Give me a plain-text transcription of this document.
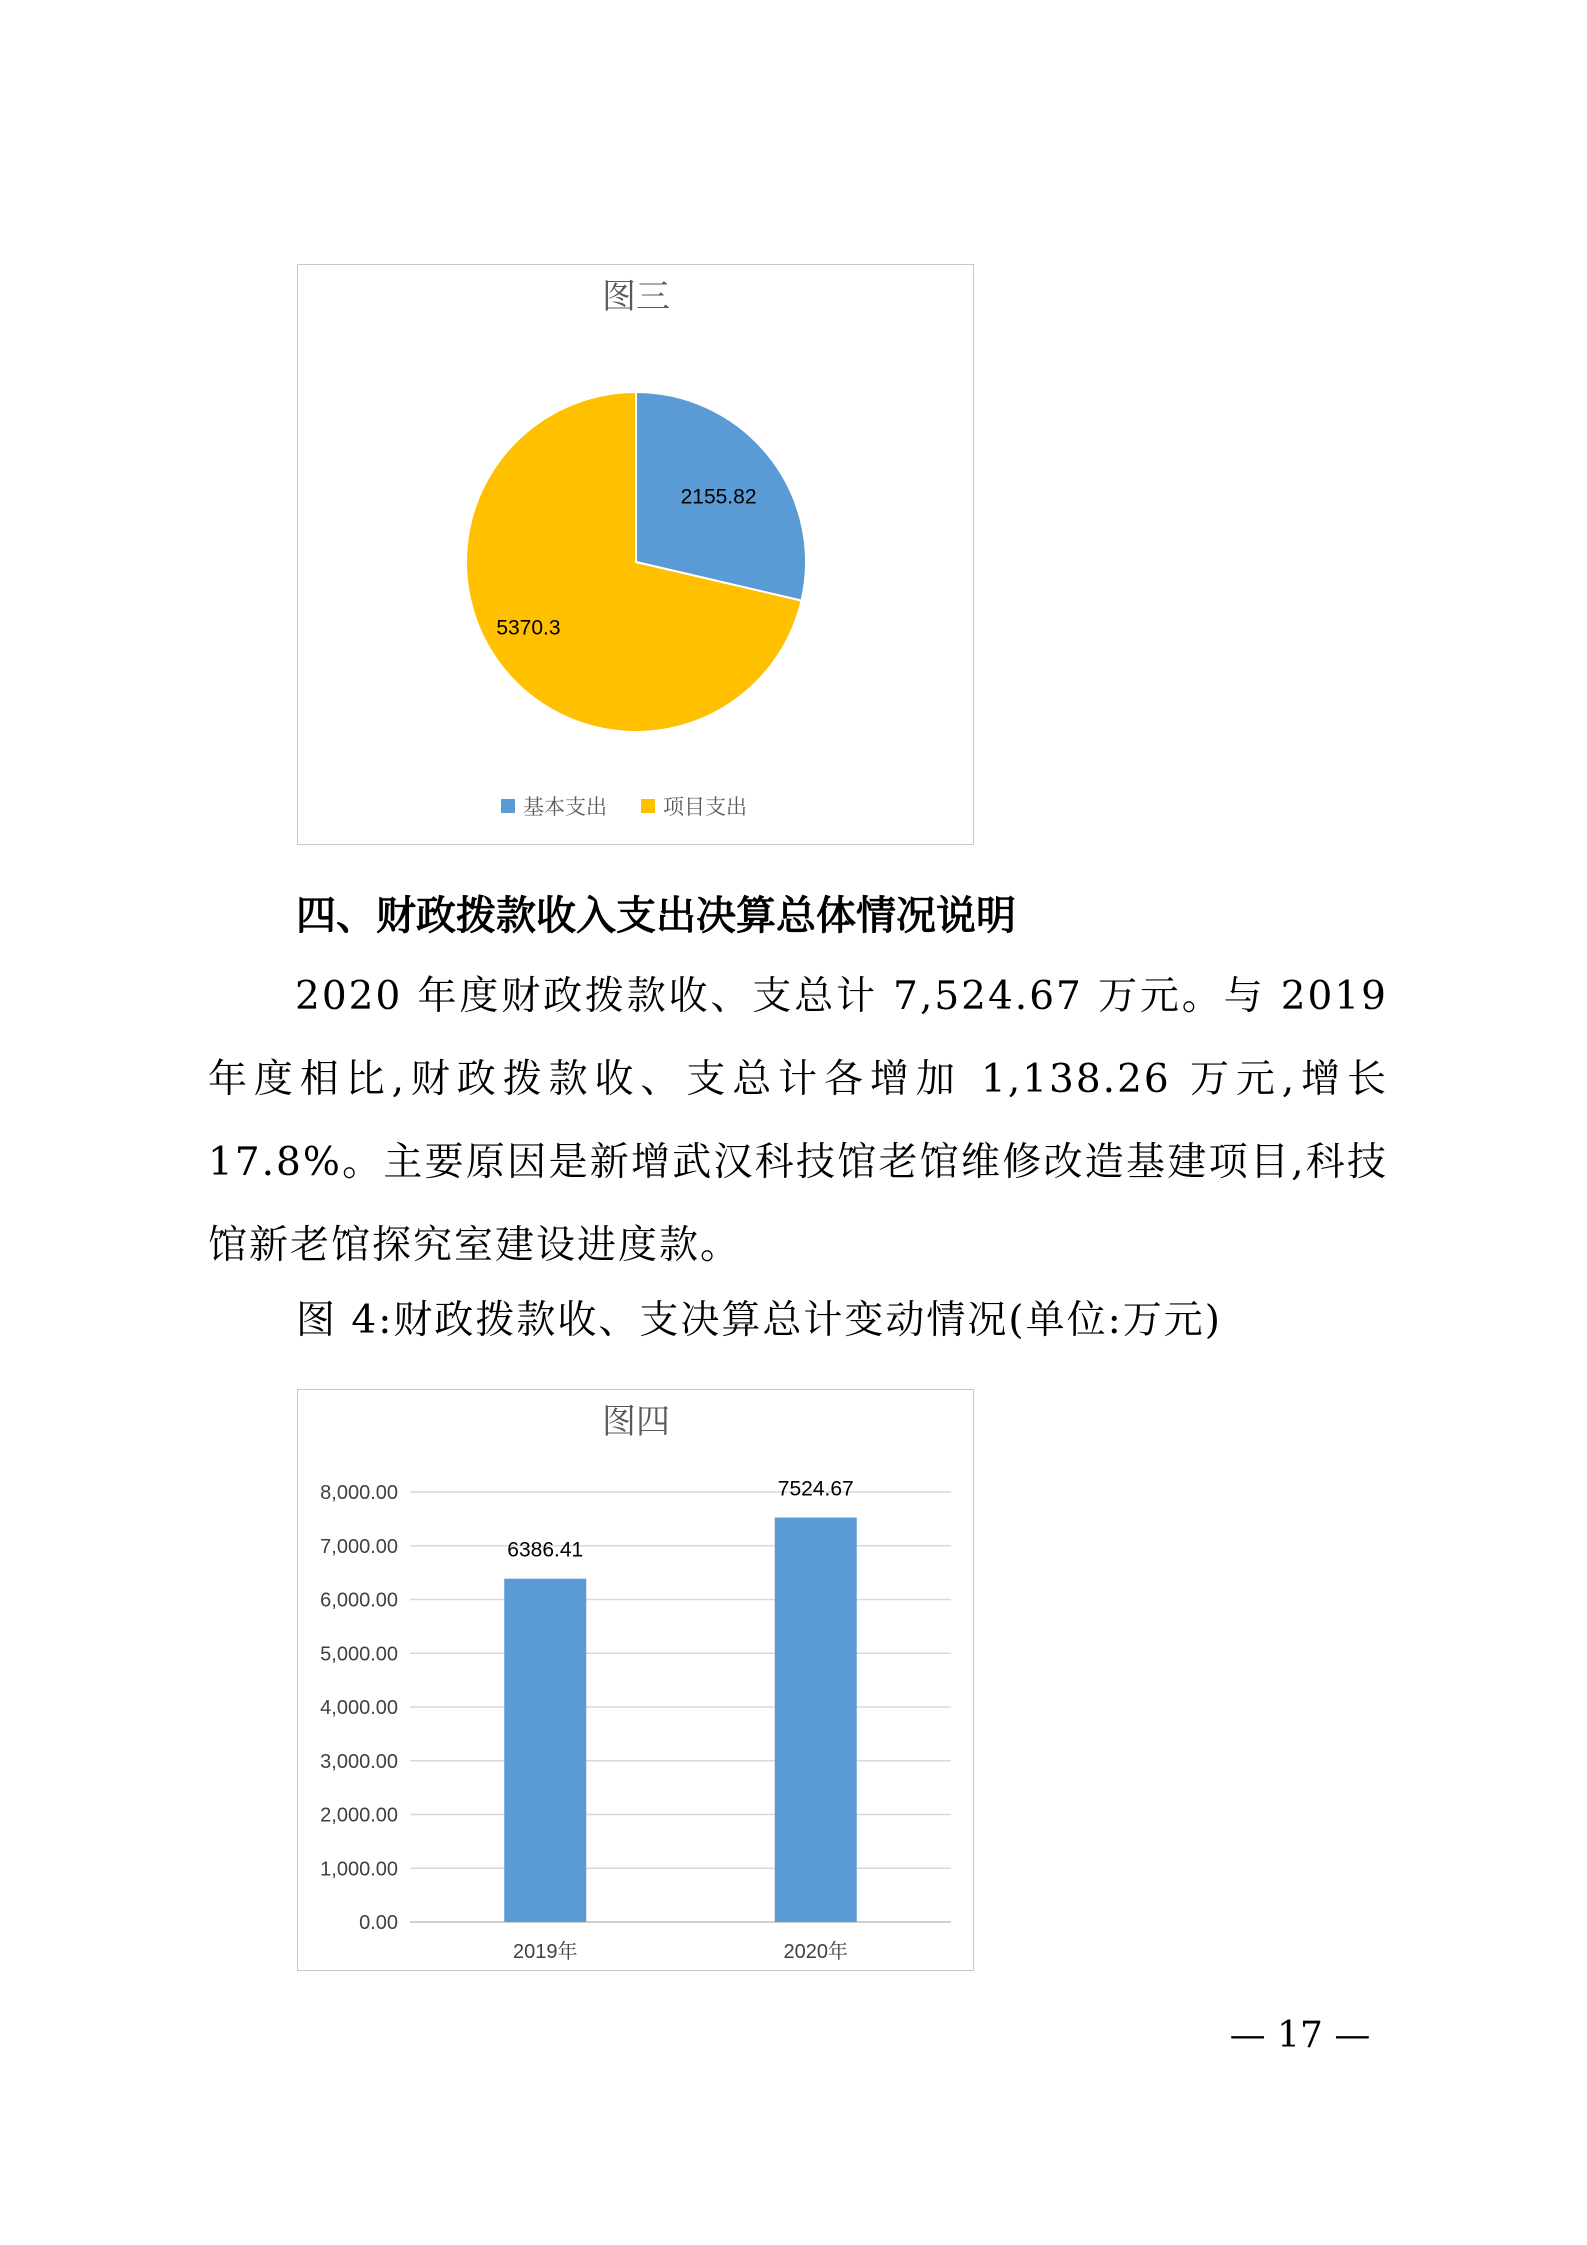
图三
2155.82
5370.3
基本支出	项目支出
四、财政拨款收入支出决算总体情况说明
2020 年度财政拨款收、支总计 7,524.67 万元。与 2019 年度相比,财政拨款收、支总计各增加 1,138.26 万元,增长 17.8%。主要原因是新增武汉科技馆老馆维修改造基建项目,科技馆新老馆探究室建设进度款。
图 4:财政拨款收、支决算总计变动情况(单位:万元)
图四
0.00
1,000.00
2,000.00
3,000.00
4,000.00
5,000.00
6,000.00
7,000.00
8,000.00
6386.41
7524.67
2019年	2020年
— 17 —
